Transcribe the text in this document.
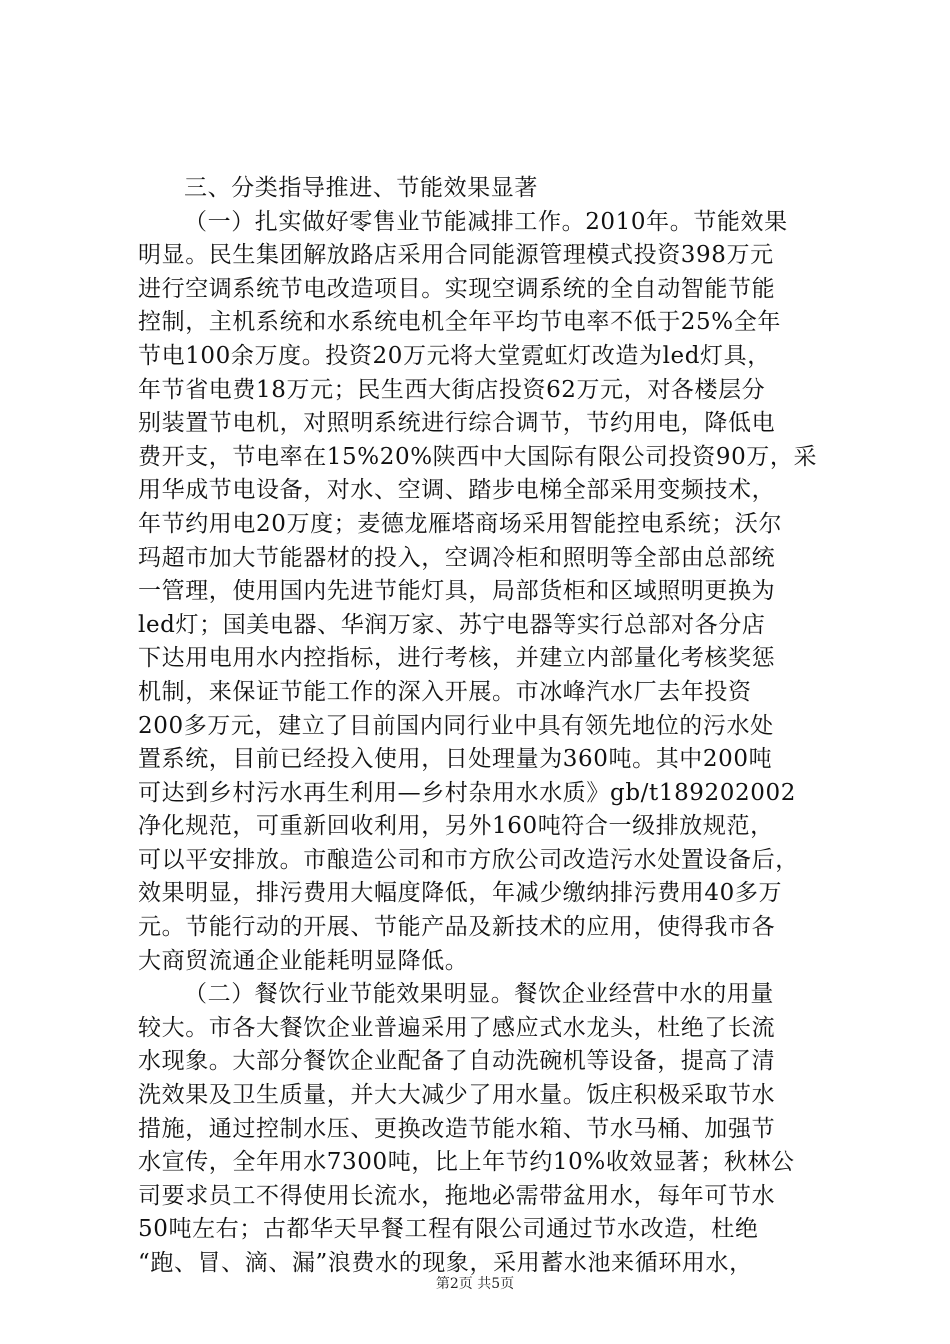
三、分类指导推进、节能效果显著

（一）扎实做好零售业节能减排工作。2010年。节能效果
明显。民生集团解放路店采用合同能源管理模式投资398万元
进行空调系统节电改造项目。实现空调系统的全自动智能节能
控制，主机系统和水系统电机全年平均节电率不低于25%全年
节电100余万度。投资20万元将大堂霓虹灯改造为led灯具，
年节省电费18万元；民生西大街店投资62万元，对各楼层分
别装置节电机，对照明系统进行综合调节，节约用电，降低电
费开支，节电率在15%20%陕西中大国际有限公司投资90万，采
用华成节电设备，对水、空调、踏步电梯全部采用变频技术，
年节约用电20万度；麦德龙雁塔商场采用智能控电系统；沃尔
玛超市加大节能器材的投入，空调冷柜和照明等全部由总部统
一管理，使用国内先进节能灯具，局部货柜和区域照明更换为
led灯；国美电器、华润万家、苏宁电器等实行总部对各分店
下达用电用水内控指标，进行考核，并建立内部量化考核奖惩
机制，来保证节能工作的深入开展。市冰峰汽水厂去年投资
200多万元，建立了目前国内同行业中具有领先地位的污水处
置系统，目前已经投入使用，日处理量为360吨。其中200吨
可达到乡村污水再生利用—乡村杂用水水质》gb/t189202002
净化规范，可重新回收利用，另外160吨符合一级排放规范，
可以平安排放。市酿造公司和市方欣公司改造污水处置设备后，
效果明显，排污费用大幅度降低，年减少缴纳排污费用40多万
元。节能行动的开展、节能产品及新技术的应用，使得我市各
大商贸流通企业能耗明显降低。

（二）餐饮行业节能效果明显。餐饮企业经营中水的用量
较大。市各大餐饮企业普遍采用了感应式水龙头，杜绝了长流
水现象。大部分餐饮企业配备了自动洗碗机等设备，提高了清
洗效果及卫生质量，并大大减少了用水量。饭庄积极采取节水
措施，通过控制水压、更换改造节能水箱、节水马桶、加强节
水宣传，全年用水7300吨，比上年节约10%收效显著；秋林公
司要求员工不得使用长流水，拖地必需带盆用水，每年可节水
50吨左右；古都华天早餐工程有限公司通过节水改造，杜绝
“跑、冒、滴、漏”浪费水的现象，采用蓄水池来循环用水，

第2页 共5页
